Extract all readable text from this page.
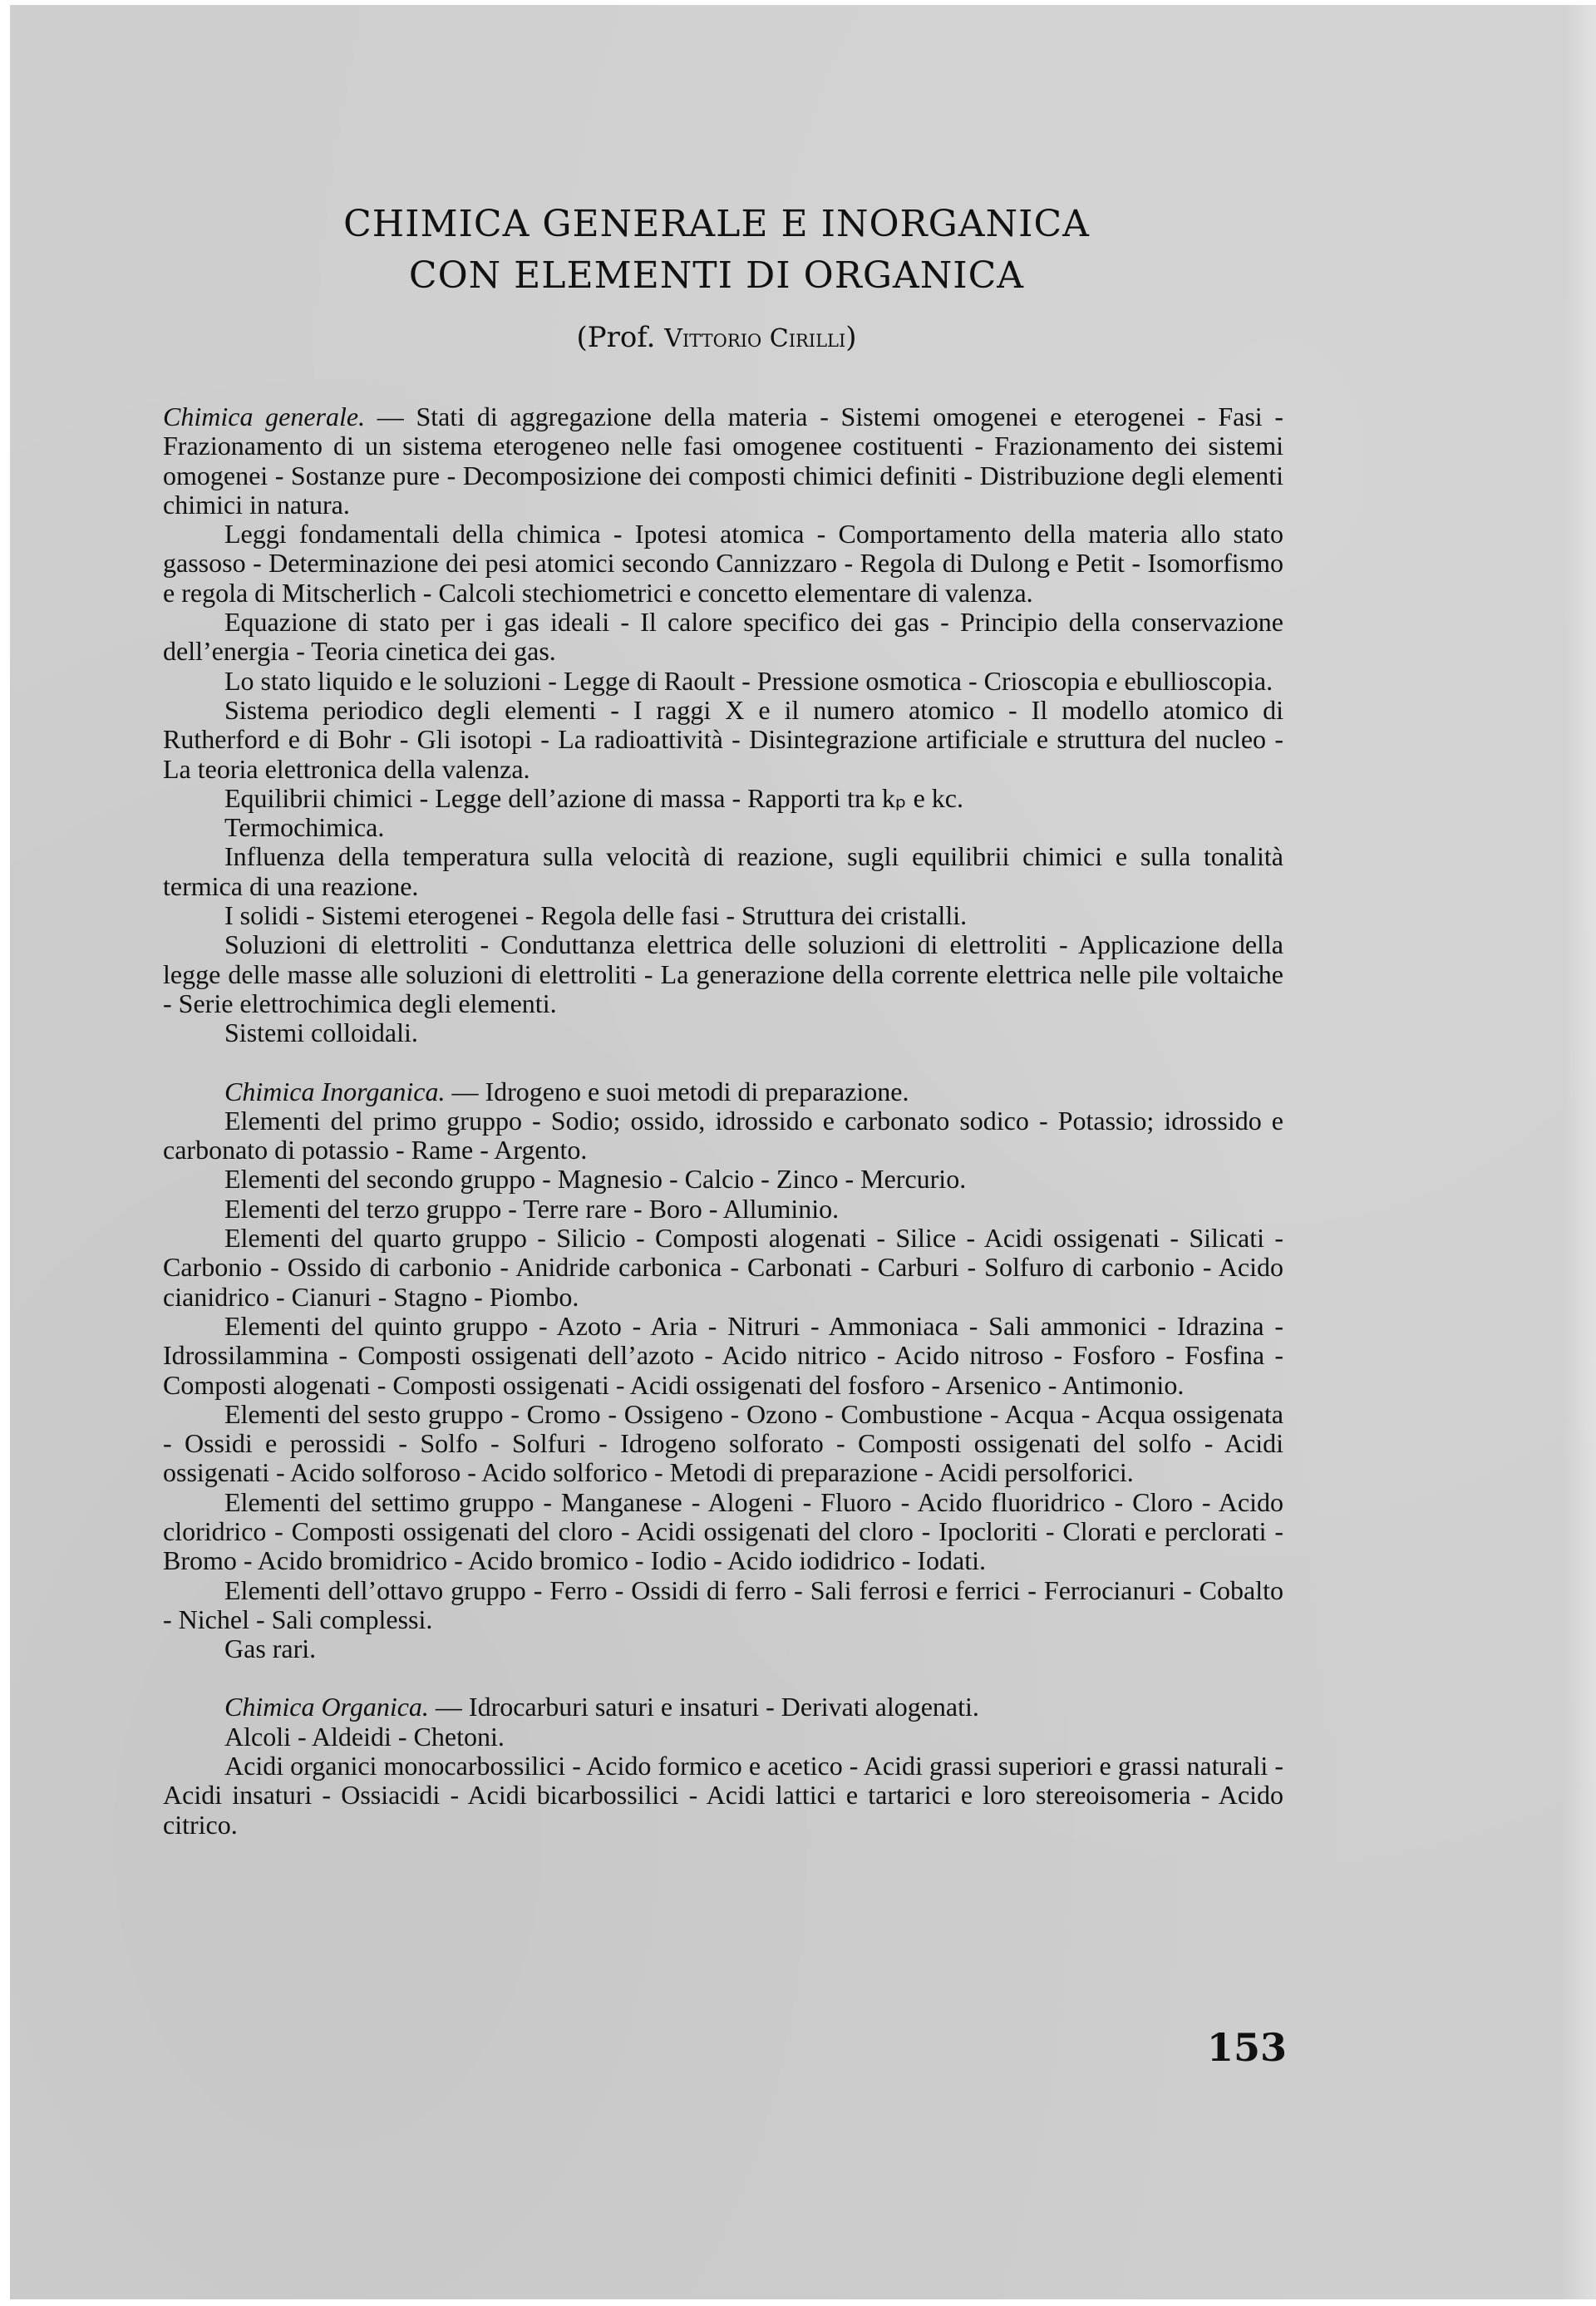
CHIMICA GENERALE E INORGANICA
CON ELEMENTI DI ORGANICA
(Prof. Vittorio Cirilli)

Chimica generale. — Stati di aggregazione della materia - Sistemi omogenei e eterogenei - Fasi - Frazionamento di un sistema eterogeneo nelle fasi omogenee costituenti - Frazionamento dei sistemi omogenei - Sostanze pure - Decomposizione dei composti chimici definiti - Distribuzione degli elementi chimici in natura.

Leggi fondamentali della chimica - Ipotesi atomica - Comportamento della materia allo stato gassoso - Determinazione dei pesi atomici secondo Cannizzaro - Regola di Dulong e Petit - Isomorfismo e regola di Mitscherlich - Calcoli stechiometrici e concetto elementare di valenza.

Equazione di stato per i gas ideali - Il calore specifico dei gas - Principio della conservazione dell’energia - Teoria cinetica dei gas.

Lo stato liquido e le soluzioni - Legge di Raoult - Pressione osmotica - Crioscopia e ebullioscopia.

Sistema periodico degli elementi - I raggi X e il numero atomico - Il modello atomico di Rutherford e di Bohr - Gli isotopi - La radioattività - Disintegrazione artificiale e struttura del nucleo - La teoria elettronica della valenza.

Equilibrii chimici - Legge dell’azione di massa - Rapporti tra kₚ e kc.

Termochimica.

Influenza della temperatura sulla velocità di reazione, sugli equilibrii chimici e sulla tonalità termica di una reazione.

I solidi - Sistemi eterogenei - Regola delle fasi - Struttura dei cristalli.

Soluzioni di elettroliti - Conduttanza elettrica delle soluzioni di elettroliti - Applicazione della legge delle masse alle soluzioni di elettroliti - La generazione della corrente elettrica nelle pile voltaiche - Serie elettrochimica degli elementi.

Sistemi colloidali.

Chimica Inorganica. — Idrogeno e suoi metodi di preparazione.

Elementi del primo gruppo - Sodio; ossido, idrossido e carbonato sodico - Potassio; idrossido e carbonato di potassio - Rame - Argento.

Elementi del secondo gruppo - Magnesio - Calcio - Zinco - Mercurio.

Elementi del terzo gruppo - Terre rare - Boro - Alluminio.

Elementi del quarto gruppo - Silicio - Composti alogenati - Silice - Acidi ossigenati - Silicati - Carbonio - Ossido di carbonio - Anidride carbonica - Carbonati - Carburi - Solfuro di carbonio - Acido cianidrico - Cianuri - Stagno - Piombo.

Elementi del quinto gruppo - Azoto - Aria - Nitruri - Ammoniaca - Sali ammonici - Idrazina - Idrossilammina - Composti ossigenati dell’azoto - Acido nitrico - Acido nitroso - Fosforo - Fosfina - Composti alogenati - Composti ossigenati - Acidi ossigenati del fosforo - Arsenico - Antimonio.

Elementi del sesto gruppo - Cromo - Ossigeno - Ozono - Combustione - Acqua - Acqua ossigenata - Ossidi e perossidi - Solfo - Solfuri - Idrogeno solforato - Composti ossigenati del solfo - Acidi ossigenati - Acido solforoso - Acido solforico - Metodi di preparazione - Acidi persolforici.

Elementi del settimo gruppo - Manganese - Alogeni - Fluoro - Acido fluoridrico - Cloro - Acido cloridrico - Composti ossigenati del cloro - Acidi ossigenati del cloro - Ipocloriti - Clorati e perclorati - Bromo - Acido bromidrico - Acido bromico - Iodio - Acido iodidrico - Iodati.

Elementi dell’ottavo gruppo - Ferro - Ossidi di ferro - Sali ferrosi e ferrici - Ferrocianuri - Cobalto - Nichel - Sali complessi.

Gas rari.

Chimica Organica. — Idrocarburi saturi e insaturi - Derivati alogenati.

Alcoli - Aldeidi - Chetoni.

Acidi organici monocarbossilici - Acido formico e acetico - Acidi grassi superiori e grassi naturali - Acidi insaturi - Ossiacidi - Acidi bicarbossilici - Acidi lattici e tartarici e loro stereoisomeria - Acido citrico.

153
